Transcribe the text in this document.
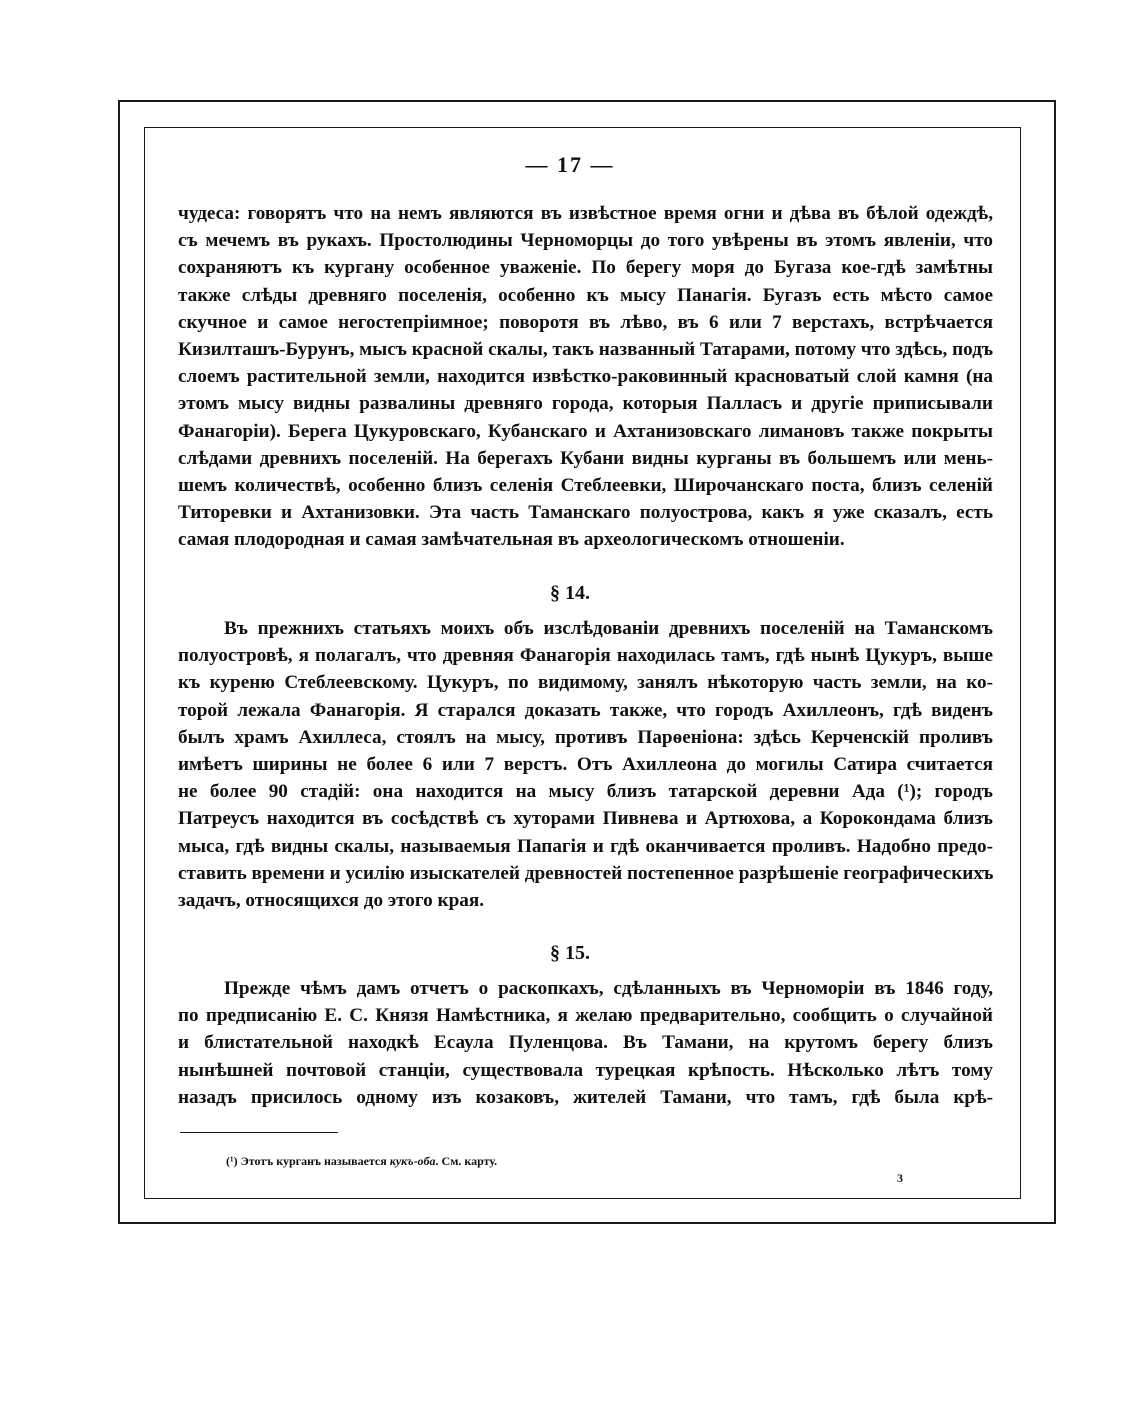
— 17 —
чудеса: говорятъ что на немъ являются въ извѣстное время огни и дѣва въ бѣлой одеждѣ,
съ мечемъ въ рукахъ. Простолюдины Черноморцы до того увѣрены въ этомъ явленіи, что
сохраняютъ къ кургану особенное уваженіе. По берегу моря до Бугаза кое-гдѣ замѣтны
также слѣды древняго поселенія, особенно къ мысу Панагія. Бугазъ есть мѣсто самое
скучное и самое негостепріимное; поворотя въ лѣво, въ 6 или 7 верстахъ, встрѣчается
Кизилташъ-Бурунъ, мысъ красной скалы, такъ названный Татарами, потому что здѣсь, подъ
слоемъ растительной земли, находится извѣстко-раковинный красноватый слой камня (на
этомъ мысу видны развалины древняго города, которыя Палласъ и другіе приписывали
Фанагоріи). Берега Цукуровскаго, Кубанскаго и Ахтанизовскаго лимановъ также покрыты
слѣдами древнихъ поселеній. На берегахъ Кубани видны курганы въ большемъ или мень-
шемъ количествѣ, особенно близъ селенія Стеблеевки, Широчанскаго поста, близъ селеній
Титоревки и Ахтанизовки. Эта часть Таманскаго полуострова, какъ я уже сказалъ, есть
самая плодородная и самая замѣчательная въ археологическомъ отношеніи.
§ 14.
Въ прежнихъ статьяхъ моихъ объ изслѣдованіи древнихъ поселеній на Таманскомъ
полуостровѣ, я полагалъ, что древняя Фанагорія находилась тамъ, гдѣ нынѣ Цукуръ, выше
къ куреню Стеблеевскому. Цукуръ, по видимому, занялъ нѣкоторую часть земли, на ко-
торой лежала Фанагорія. Я старался доказать также, что городъ Ахиллеонъ, гдѣ виденъ
былъ храмъ Ахиллеса, стоялъ на мысу, противъ Парѳеніона: здѣсь Керченскій проливъ
имѣетъ ширины не более 6 или 7 верстъ. Отъ Ахиллеона до могилы Сатира считается
не более 90 стадій: она находится на мысу близъ татарской деревни Ада (¹); городъ
Патреусъ находится въ сосѣдствѣ съ хуторами Пивнева и Артюхова, а Корокондама близъ
мыса, гдѣ видны скалы, называемыя Папагія и гдѣ оканчивается проливъ. Надобно предо-
ставить времени и усилію изыскателей древностей постепенное разрѣшеніе географическихъ
задачъ, относящихся до этого края.
§ 15.
Прежде чѣмъ дамъ отчетъ о раскопкахъ, сдѣланныхъ въ Черноморіи въ 1846 году,
по предписанію Е. С. Князя Намѣстника, я желаю предварительно, сообщить о случайной
и блистательной находкѣ Есаула Пуленцова. Въ Тамани, на крутомъ берегу близъ
нынѣшней почтовой станціи, существовала турецкая крѣпость. Нѣсколько лѣтъ тому
назадъ присилось одному изъ козаковъ, жителей Тамани, что тамъ, гдѣ была крѣ-
(¹) Этотъ курганъ называется кукъ-оба. См. карту.
3
